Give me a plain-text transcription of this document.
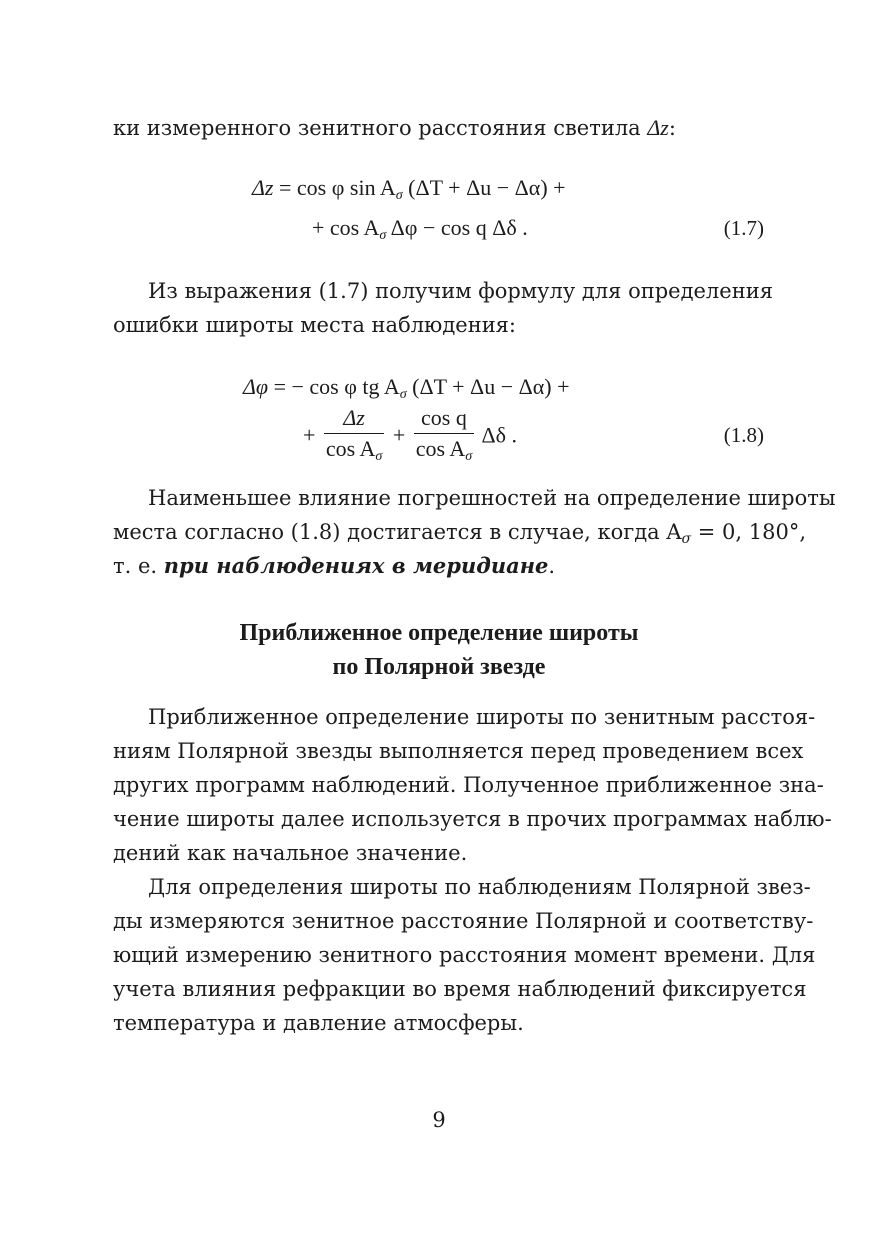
ки измеренного зенитного расстояния светила Δz:
Δz = cos φ $\sin A_\sigma$ (ΔT + Δu − Δα) +
+ $\cos A_\sigma$ Δφ − cos q Δδ .	(1.7)
Из выражения (1.7) получим формулу для определения
ошибки широты места наблюдения:
Δφ = − cos φ tg $A_\sigma$ (ΔT + Δu − Δα) +
+ $\frac{\Delta z}{\cos A_\sigma} + \frac{\text{cos q}}{\cos A_\sigma}$ Δδ .	(1.8)
Наименьшее влияние погрешностей на определение широты
места согласно (1.8) достигается в случае, когда $A_\sigma = 0$, 180°,
т. е. при наблюдениях в меридиане.
Приближенное определение широты
по Полярной звезде
Приближенное определение широты по зенитным расстоя-
ниям Полярной звезды выполняется перед проведением всех
других программ наблюдений. Полученное приближенное зна-
чение широты далее используется в прочих программах наблю-
дений как начальное значение.
Для определения широты по наблюдениям Полярной звез-
ды измеряются зенитное расстояние Полярной и соответству-
ющий измерению зенитного расстояния момент времени. Для
учета влияния рефракции во время наблюдений фиксируется
температура и давление атмосферы.
9
